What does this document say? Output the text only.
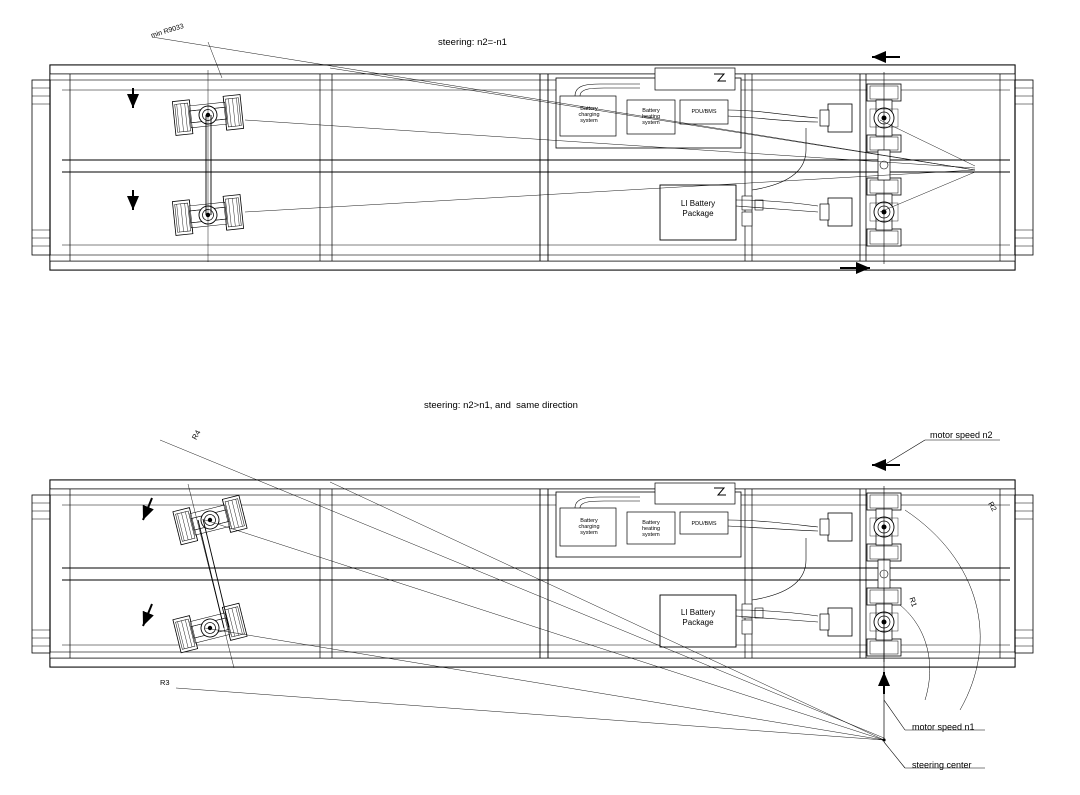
steering: n2=-n1
min R9033
Battery
charging
system
Battery
heating
system
PDU/BMS
LI Battery
Package
steering: n2>n1, and  same direction
R4
R3
R2
R1
Battery
charging
system
Battery
heating
system
PDU/BMS
LI Battery
Package
motor speed n2
motor speed n1
steering center
